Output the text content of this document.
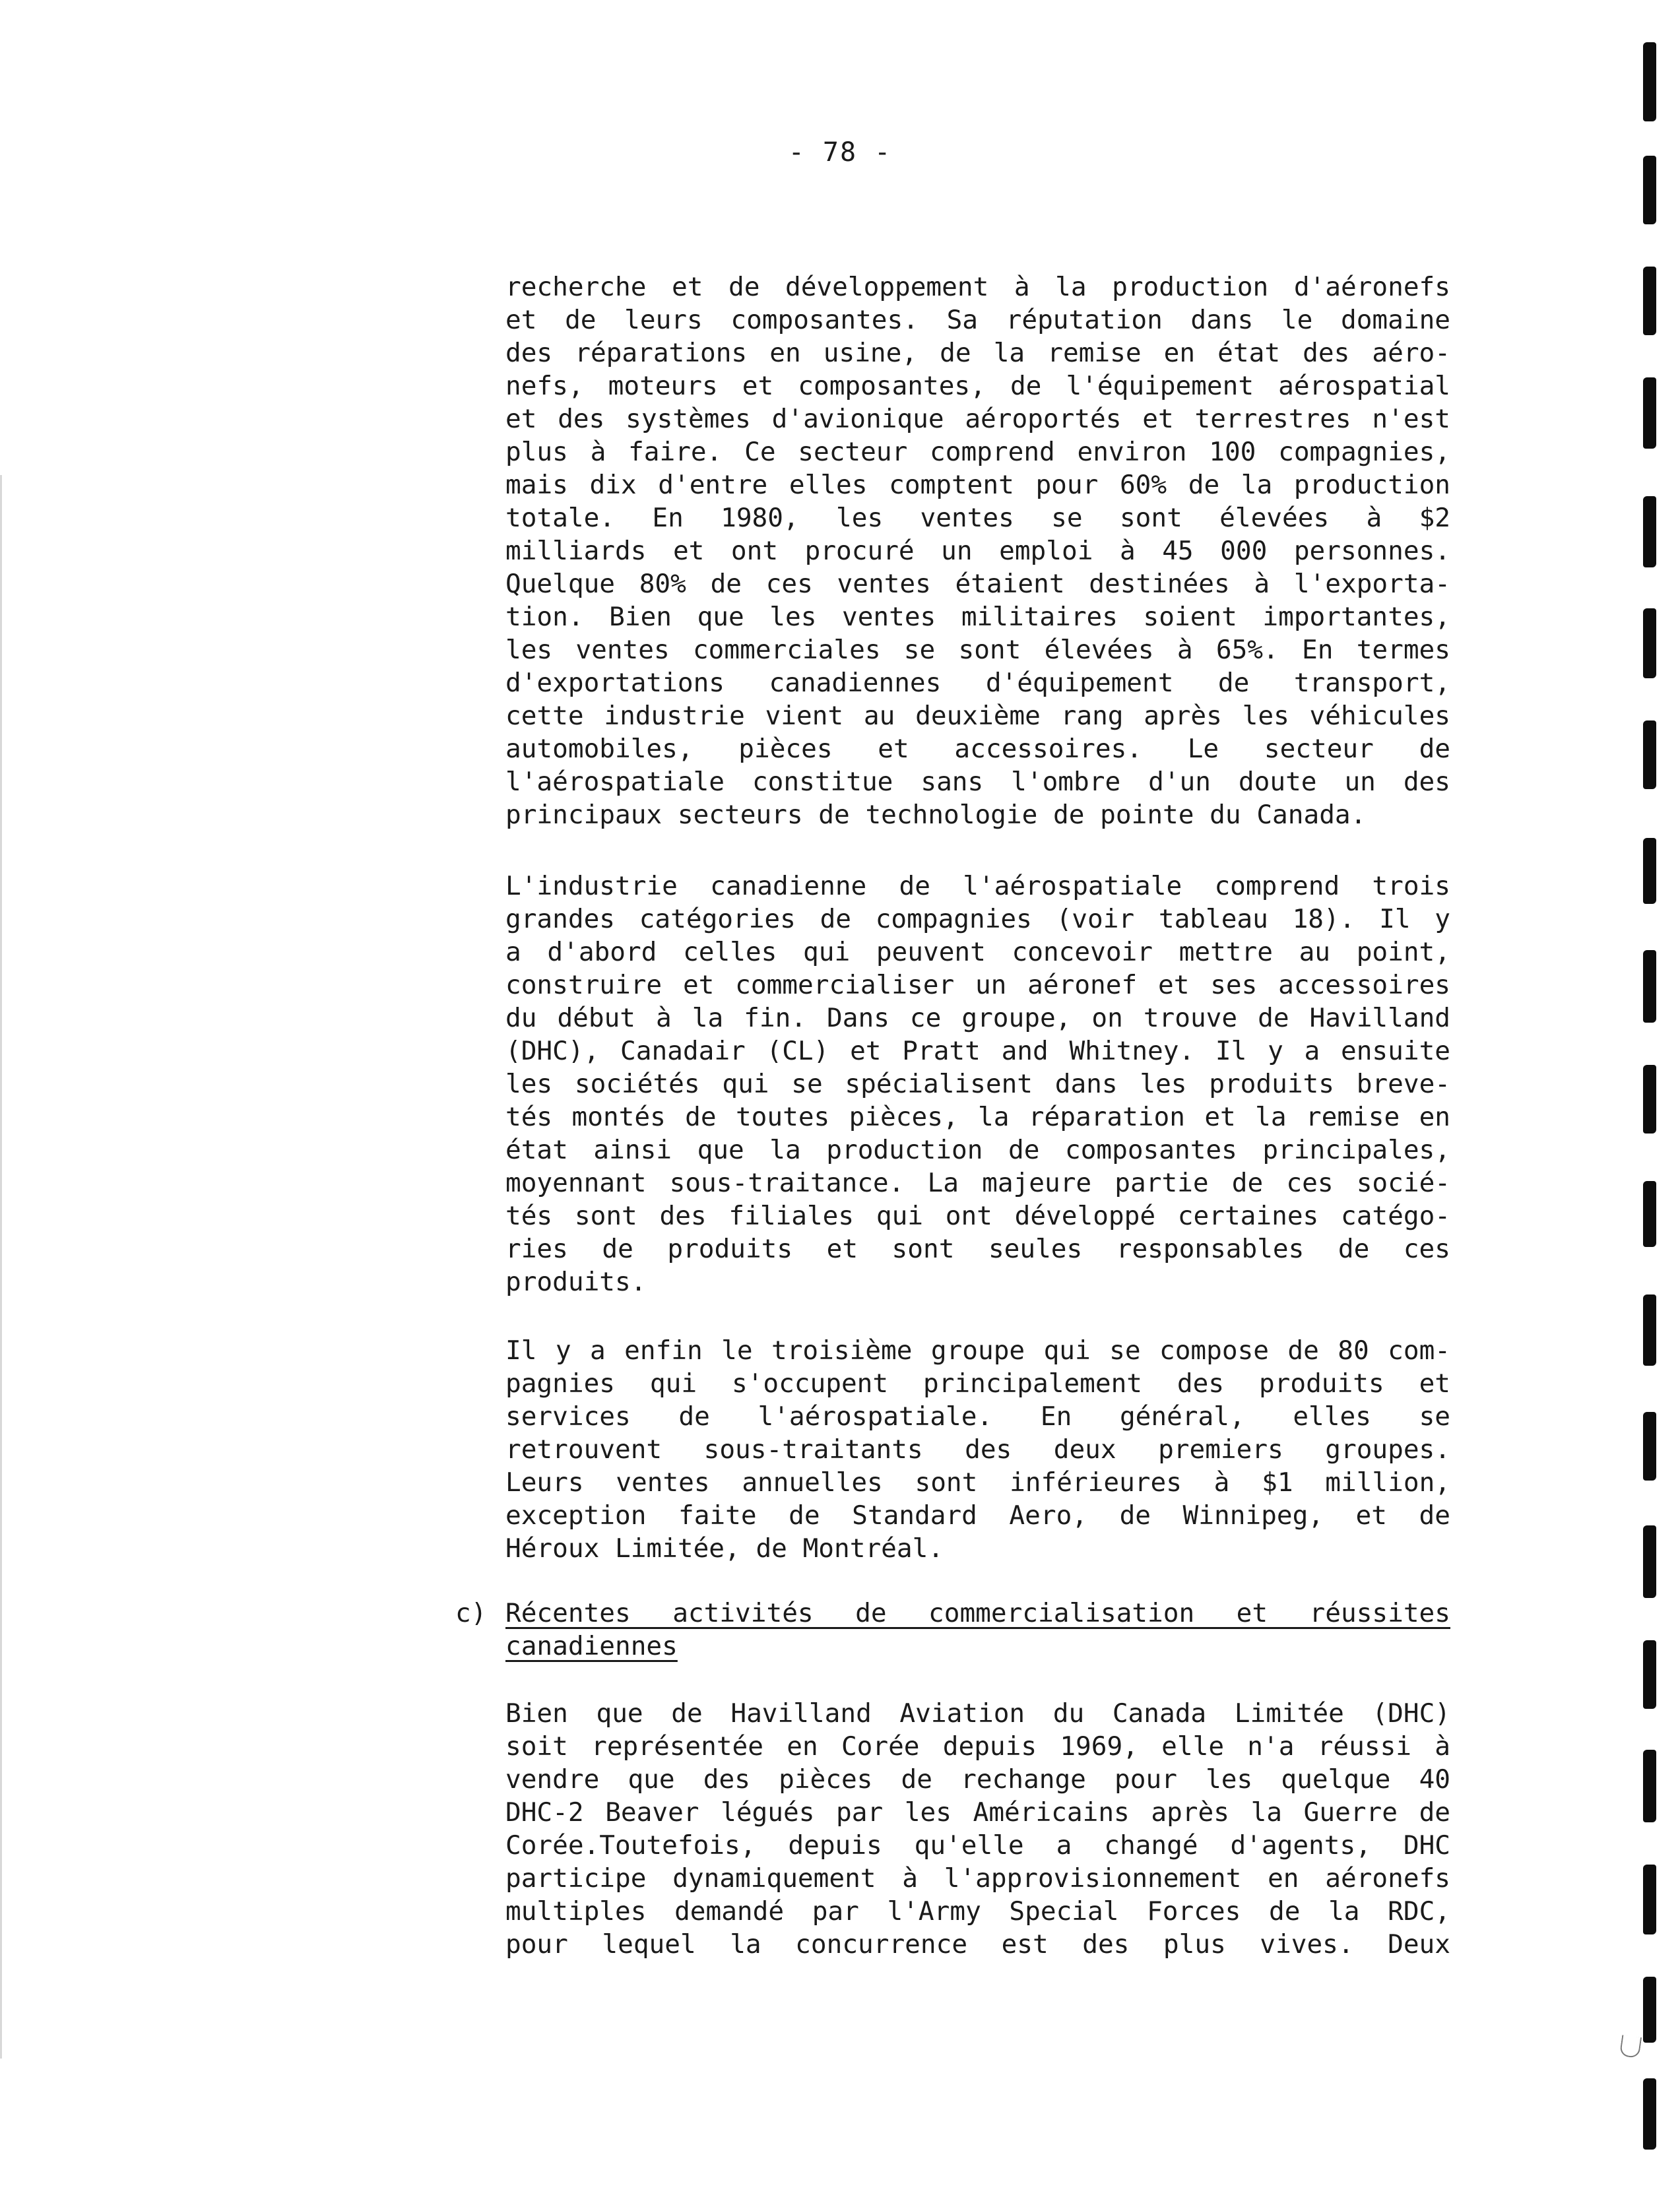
- 78 -
recherche et de développement à la production d'aéronefs
et de leurs composantes. Sa réputation dans le domaine
des réparations en usine, de la remise en état des aéro-
nefs, moteurs et composantes, de l'équipement aérospatial
et des systèmes d'avionique aéroportés et terrestres n'est
plus à faire. Ce secteur comprend environ 100 compagnies,
mais dix d'entre elles comptent pour 60% de la production
totale. En 1980, les ventes se sont élevées à $2
milliards et ont procuré un emploi à 45 000 personnes.
Quelque 80% de ces ventes étaient destinées à l'exporta-
tion. Bien que les ventes militaires soient importantes,
les ventes commerciales se sont élevées à 65%. En termes
d'exportations canadiennes d'équipement de transport,
cette industrie vient au deuxième rang après les véhicules
automobiles, pièces et accessoires. Le secteur de
l'aérospatiale constitue sans l'ombre d'un doute un des
principaux secteurs de technologie de pointe du Canada.
L'industrie canadienne de l'aérospatiale comprend trois
grandes catégories de compagnies (voir tableau 18). Il y
a d'abord celles qui peuvent concevoir mettre au point,
construire et commercialiser un aéronef et ses accessoires
du début à la fin. Dans ce groupe, on trouve de Havilland
(DHC), Canadair (CL) et Pratt and Whitney. Il y a ensuite
les sociétés qui se spécialisent dans les produits breve-
tés montés de toutes pièces, la réparation et la remise en
état ainsi que la production de composantes principales,
moyennant sous-traitance. La majeure partie de ces socié-
tés sont des filiales qui ont développé certaines catégo-
ries de produits et sont seules responsables de ces
produits.
Il y a enfin le troisième groupe qui se compose de 80 com-
pagnies qui s'occupent principalement des produits et
services de l'aérospatiale. En général, elles se
retrouvent sous-traitants des deux premiers groupes.
Leurs ventes annuelles sont inférieures à $1 million,
exception faite de Standard Aero, de Winnipeg, et de
Héroux Limitée, de Montréal.
c) Récentes activités de commercialisation et réussites
canadiennes
Bien que de Havilland Aviation du Canada Limitée (DHC)
soit représentée en Corée depuis 1969, elle n'a réussi à
vendre que des pièces de rechange pour les quelque 40
DHC-2 Beaver légués par les Américains après la Guerre de
Corée.Toutefois, depuis qu'elle a changé d'agents, DHC
participe dynamiquement à l'approvisionnement en aéronefs
multiples demandé par l'Army Special Forces de la RDC,
pour lequel la concurrence est des plus vives. Deux
